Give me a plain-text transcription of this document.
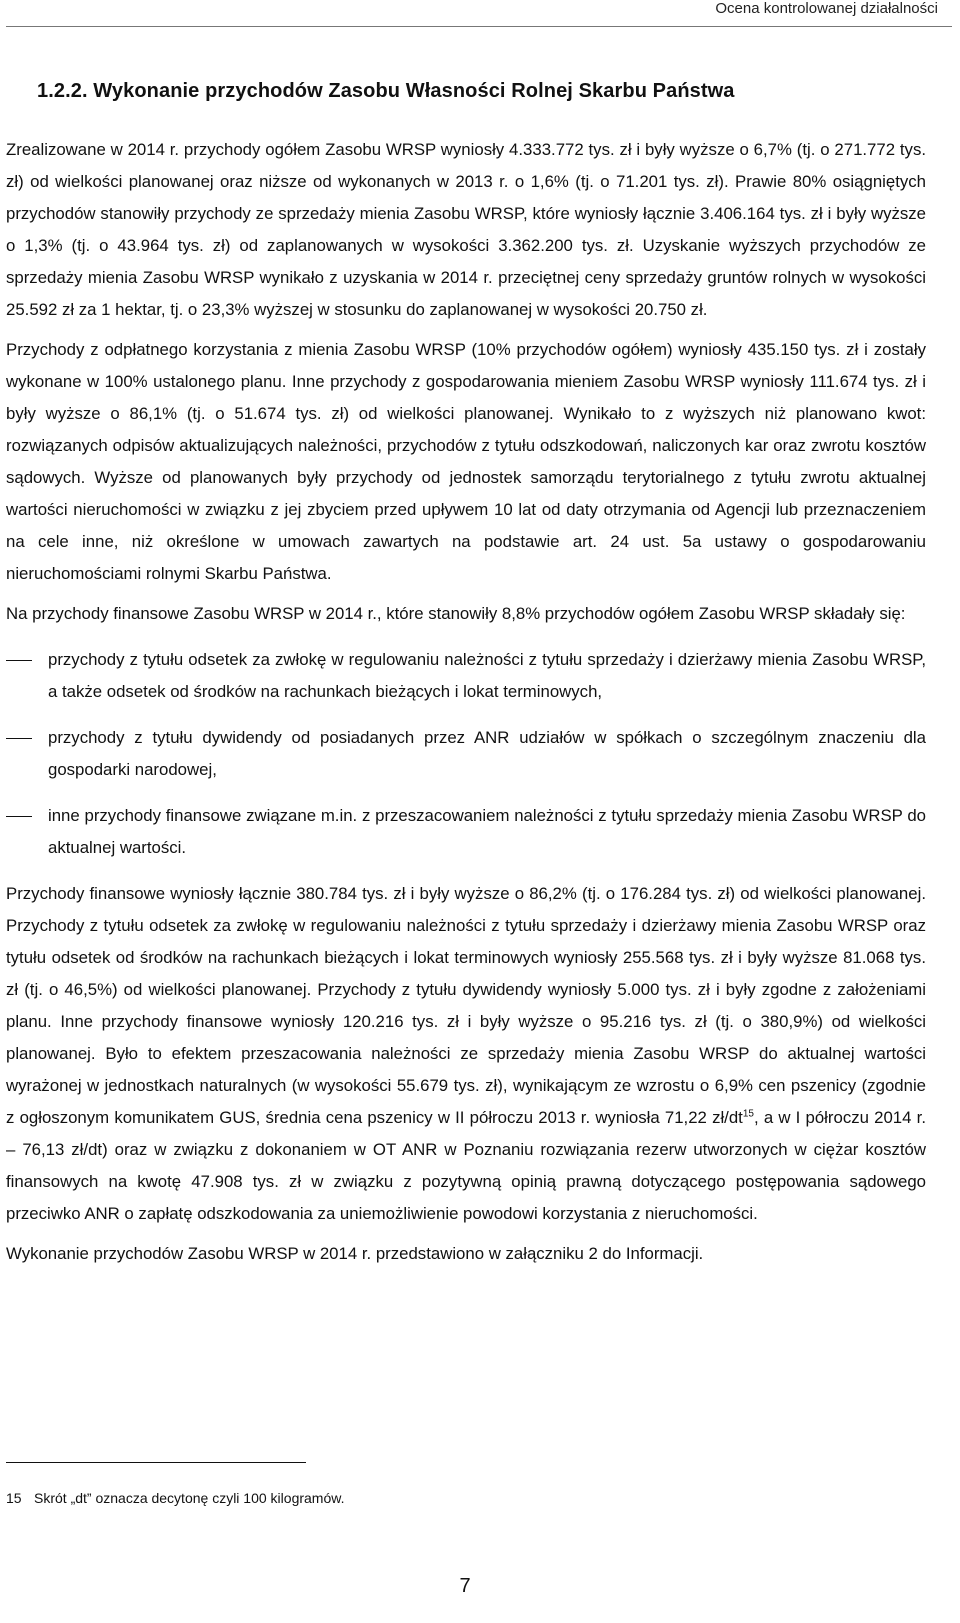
Ocena kontrolowanej działalności
1.2.2. Wykonanie przychodów Zasobu Własności Rolnej Skarbu Państwa

Zrealizowane w 2014 r. przychody ogółem Zasobu WRSP wyniosły 4.333.772 tys. zł i były wyższe o 6,7% (tj. o 271.772 tys. zł) od wielkości planowanej oraz niższe od wykonanych w 2013 r. o 1,6% (tj. o 71.201 tys. zł). Prawie 80% osiągniętych przychodów stanowiły przychody ze sprzedaży mienia Zasobu WRSP, które wyniosły łącznie 3.406.164 tys. zł i były wyższe o 1,3% (tj. o 43.964 tys. zł) od zaplanowanych w wysokości 3.362.200 tys. zł. Uzyskanie wyższych przychodów ze sprzedaży mienia Zasobu WRSP wynikało z uzyskania w 2014 r. przeciętnej ceny sprzedaży gruntów rolnych w wysokości 25.592 zł za 1 hektar, tj. o 23,3% wyższej w stosunku do zaplanowanej w wysokości 20.750 zł.

Przychody z odpłatnego korzystania z mienia Zasobu WRSP (10% przychodów ogółem) wyniosły 435.150 tys. zł i zostały wykonane w 100% ustalonego planu. Inne przychody z gospodarowania mieniem Zasobu WRSP wyniosły 111.674 tys. zł i były wyższe o 86,1% (tj. o 51.674 tys. zł) od wielkości planowanej. Wynikało to z wyższych niż planowano kwot: rozwiązanych odpisów aktualizujących należności, przychodów z tytułu odszkodowań, naliczonych kar oraz zwrotu kosztów sądowych. Wyższe od planowanych były przychody od jednostek samorządu terytorialnego z tytułu zwrotu aktualnej wartości nieruchomości w związku z jej zbyciem przed upływem 10 lat od daty otrzymania od Agencji lub przeznaczeniem na cele inne, niż określone w umowach zawartych na podstawie art. 24 ust. 5a ustawy o gospodarowaniu nieruchomościami rolnymi Skarbu Państwa.

Na przychody finansowe Zasobu WRSP w 2014 r., które stanowiły 8,8% przychodów ogółem Zasobu WRSP składały się:

przychody z tytułu odsetek za zwłokę w regulowaniu należności z tytułu sprzedaży i dzierżawy mienia Zasobu WRSP, a także odsetek od środków na rachunkach bieżących i lokat terminowych,
przychody z tytułu dywidendy od posiadanych przez ANR udziałów w spółkach o szczególnym znaczeniu dla gospodarki narodowej,
inne przychody finansowe związane m.in. z przeszacowaniem należności z tytułu sprzedaży mienia Zasobu WRSP do aktualnej wartości.

Przychody finansowe wyniosły łącznie 380.784 tys. zł i były wyższe o 86,2% (tj. o 176.284 tys. zł) od wielkości planowanej. Przychody z tytułu odsetek za zwłokę w regulowaniu należności z tytułu sprzedaży i dzierżawy mienia Zasobu WRSP oraz tytułu odsetek od środków na rachunkach bieżących i lokat terminowych wyniosły 255.568 tys. zł i były wyższe 81.068 tys. zł (tj. o 46,5%) od wielkości planowanej. Przychody z tytułu dywidendy wyniosły 5.000 tys. zł i były zgodne z założeniami planu. Inne przychody finansowe wyniosły 120.216 tys. zł i były wyższe o 95.216 tys. zł (tj. o 380,9%) od wielkości planowanej. Było to efektem przeszacowania należności ze sprzedaży mienia Zasobu WRSP do aktualnej wartości wyrażonej w jednostkach naturalnych (w wysokości 55.679 tys. zł), wynikającym ze wzrostu o 6,9% cen pszenicy (zgodnie z ogłoszonym komunikatem GUS, średnia cena pszenicy w II półroczu 2013 r. wyniosła 71,22 $zł/dt^{15}$, a w I półroczu 2014 r. – 76,13 zł/dt) oraz w związku z dokonaniem w OT ANR w Poznaniu rozwiązania rezerw utworzonych w ciężar kosztów finansowych na kwotę 47.908 tys. zł w związku z pozytywną opinią prawną dotyczącego postępowania sądowego przeciwko ANR o zapłatę odszkodowania za uniemożliwienie powodowi korzystania z nieruchomości.

Wykonanie przychodów Zasobu WRSP w 2014 r. przedstawiono w załączniku 2 do Informacji.

15 Skrót „dt” oznacza decytonę czyli 100 kilogramów.
7
